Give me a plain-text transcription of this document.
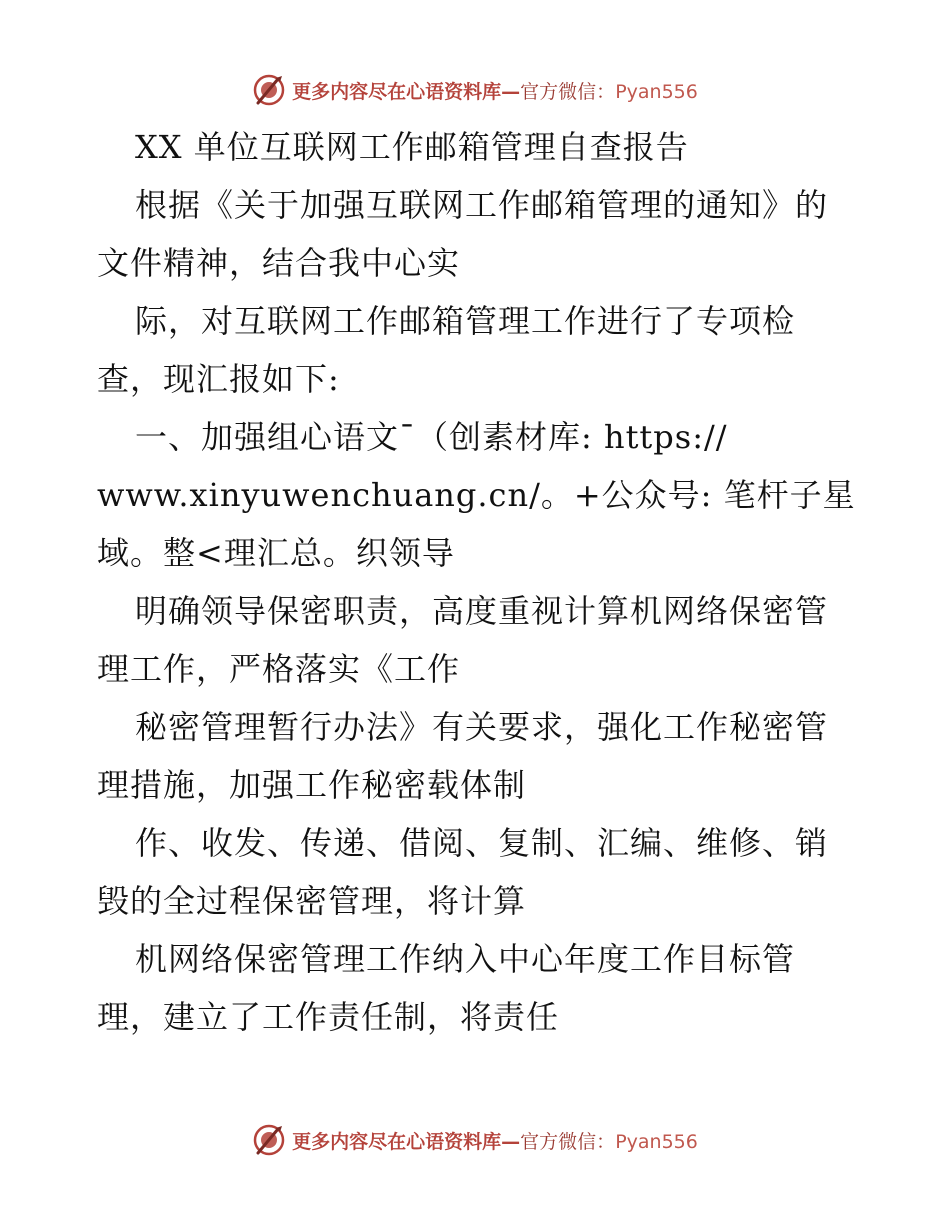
更多内容尽在心语资料库—官方微信：Pyan556
XX 单位互联网工作邮箱管理自查报告
根据《关于加强互联网工作邮箱管理的通知》的
文件精神，结合我中心实
际，对互联网工作邮箱管理工作进行了专项检
查，现汇报如下:
一、加强组心语文¯（创素材库: https://
www.xinyuwenchuang.cn/。+公众号: 笔杆子星
域。整<理汇总。织领导
明确领导保密职责，高度重视计算机网络保密管
理工作，严格落实《工作
秘密管理暂行办法》有关要求，强化工作秘密管
理措施，加强工作秘密载体制
作、收发、传递、借阅、复制、汇编、维修、销
毁的全过程保密管理，将计算
机网络保密管理工作纳入中心年度工作目标管
理，建立了工作责任制，将责任
更多内容尽在心语资料库—官方微信：Pyan556
